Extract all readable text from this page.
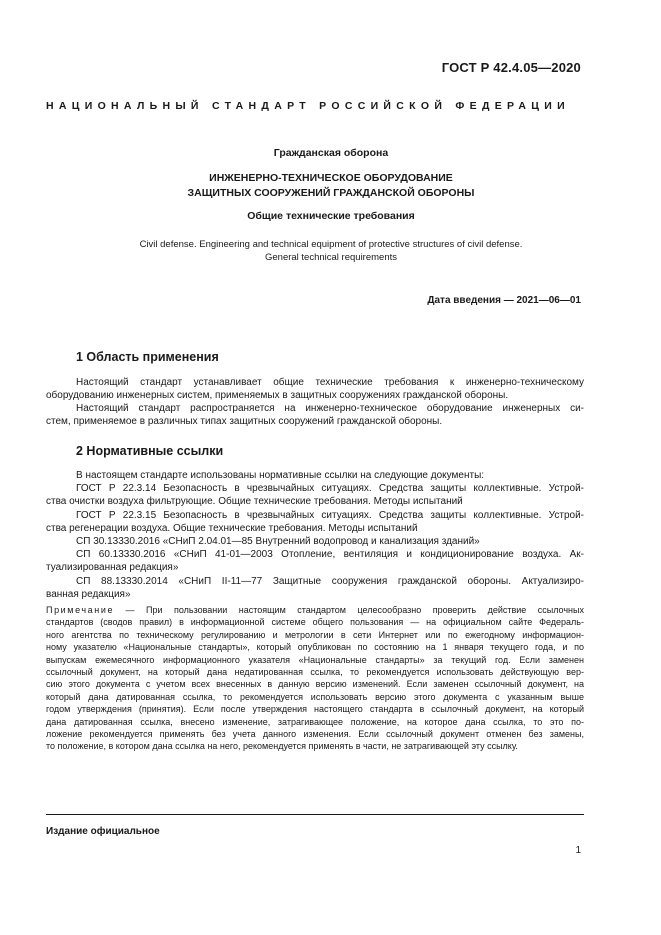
ГОСТ Р 42.4.05—2020
НАЦИОНАЛЬНЫЙ СТАНДАРТ РОССИЙСКОЙ ФЕДЕРАЦИИ
Гражданская оборона
ИНЖЕНЕРНО-ТЕХНИЧЕСКОЕ ОБОРУДОВАНИЕ
ЗАЩИТНЫХ СООРУЖЕНИЙ ГРАЖДАНСКОЙ ОБОРОНЫ
Общие технические требования
Civil defense. Engineering and technical equipment of protective structures of civil defense.
General technical requirements
Дата введения — 2021—06—01
1 Область применения
Настоящий стандарт устанавливает общие технические требования к инженерно-техническому
оборудованию инженерных систем, применяемых в защитных сооружениях гражданской обороны.
Настоящий стандарт распространяется на инженерно-техническое оборудование инженерных си-
стем, применяемое в различных типах защитных сооружений гражданской обороны.
2 Нормативные ссылки
В настоящем стандарте использованы нормативные ссылки на следующие документы:
ГОСТ Р 22.3.14 Безопасность в чрезвычайных ситуациях. Средства защиты коллективные. Устрой-
ства очистки воздуха фильтрующие. Общие технические требования. Методы испытаний
ГОСТ Р 22.3.15 Безопасность в чрезвычайных ситуациях. Средства защиты коллективные. Устрой-
ства регенерации воздуха. Общие технические требования. Методы испытаний
СП 30.13330.2016 «СНиП 2.04.01—85 Внутренний водопровод и канализация зданий»
СП 60.13330.2016 «СНиП 41-01—2003 Отопление, вентиляция и кондиционирование воздуха. Ак-
туализированная редакция»
СП 88.13330.2014 «СНиП II-11—77 Защитные сооружения гражданской обороны. Актуализиро-
ванная редакция»
Примечание — При пользовании настоящим стандартом целесообразно проверить действие ссылочных
стандартов (сводов правил) в информационной системе общего пользования — на официальном сайте Федераль-
ного агентства по техническому регулированию и метрологии в сети Интернет или по ежегодному информацион-
ному указателю «Национальные стандарты», который опубликован по состоянию на 1 января текущего года, и по
выпускам ежемесячного информационного указателя «Национальные стандарты» за текущий год. Если заменен
ссылочный документ, на который дана недатированная ссылка, то рекомендуется использовать действующую вер-
сию этого документа с учетом всех внесенных в данную версию изменений. Если заменен ссылочный документ, на
который дана датированная ссылка, то рекомендуется использовать версию этого документа с указанным выше
годом утверждения (принятия). Если после утверждения настоящего стандарта в ссылочный документ, на который
дана датированная ссылка, внесено изменение, затрагивающее положение, на которое дана ссылка, то это по-
ложение рекомендуется применять без учета данного изменения. Если ссылочный документ отменен без замены,
то положение, в котором дана ссылка на него, рекомендуется применять в части, не затрагивающей эту ссылку.
Издание официальное
1
